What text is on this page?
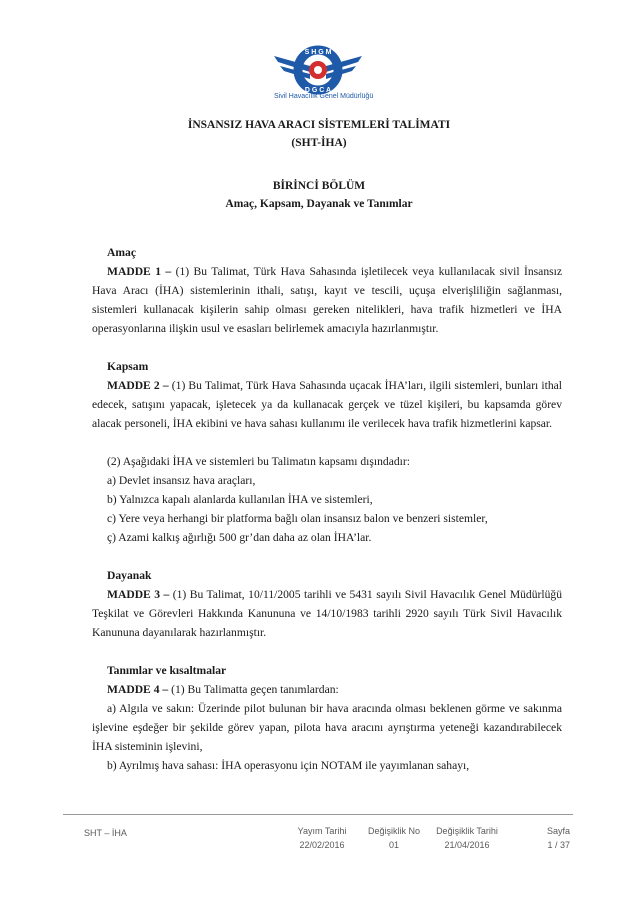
S H G M
D G C A
Sivil Havacılık Genel Müdürlüğü
İNSANSIZ HAVA ARACI SİSTEMLERİ TALİMATI
(SHT-İHA)
BİRİNCİ BÖLÜM
Amaç, Kapsam, Dayanak ve Tanımlar
Amaç
MADDE 1 – (1) Bu Talimat, Türk Hava Sahasında işletilecek veya kullanılacak sivil İnsansız Hava Aracı (İHA) sistemlerinin ithali, satışı, kayıt ve tescili, uçuşa elverişliliğin sağlanması, sistemleri kullanacak kişilerin sahip olması gereken nitelikleri, hava trafik hizmetleri ve İHA operasyonlarına ilişkin usul ve esasları belirlemek amacıyla hazırlanmıştır.
Kapsam
MADDE 2 – (1) Bu Talimat, Türk Hava Sahasında uçacak İHA’ları, ilgili sistemleri, bunları ithal edecek, satışını yapacak, işletecek ya da kullanacak gerçek ve tüzel kişileri, bu kapsamda görev alacak personeli, İHA ekibini ve hava sahası kullanımı ile verilecek hava trafik hizmetlerini kapsar.
(2) Aşağıdaki İHA ve sistemleri bu Talimatın kapsamı dışındadır:
a) Devlet insansız hava araçları,
b) Yalnızca kapalı alanlarda kullanılan İHA ve sistemleri,
c) Yere veya herhangi bir platforma bağlı olan insansız balon ve benzeri sistemler,
ç) Azami kalkış ağırlığı 500 gr’dan daha az olan İHA’lar.
Dayanak
MADDE 3 – (1) Bu Talimat, 10/11/2005 tarihli ve 5431 sayılı Sivil Havacılık Genel Müdürlüğü Teşkilat ve Görevleri Hakkında Kanununa ve 14/10/1983 tarihli 2920 sayılı Türk Sivil Havacılık Kanununa dayanılarak hazırlanmıştır.
Tanımlar ve kısaltmalar
MADDE 4 – (1) Bu Talimatta geçen tanımlardan:
a) Algıla ve sakın: Üzerinde pilot bulunan bir hava aracında olması beklenen görme ve sakınma işlevine eşdeğer bir şekilde görev yapan, pilota hava aracını ayrıştırma yeteneği kazandırabilecek İHA sisteminin işlevini,
b) Ayrılmış hava sahası: İHA operasyonu için NOTAM ile yayımlanan sahayı,
SHT – İHA	Yayım Tarihi
22/02/2016
Değişiklik No
01
Değişiklik Tarihi
21/04/2016
Sayfa
1 / 37
